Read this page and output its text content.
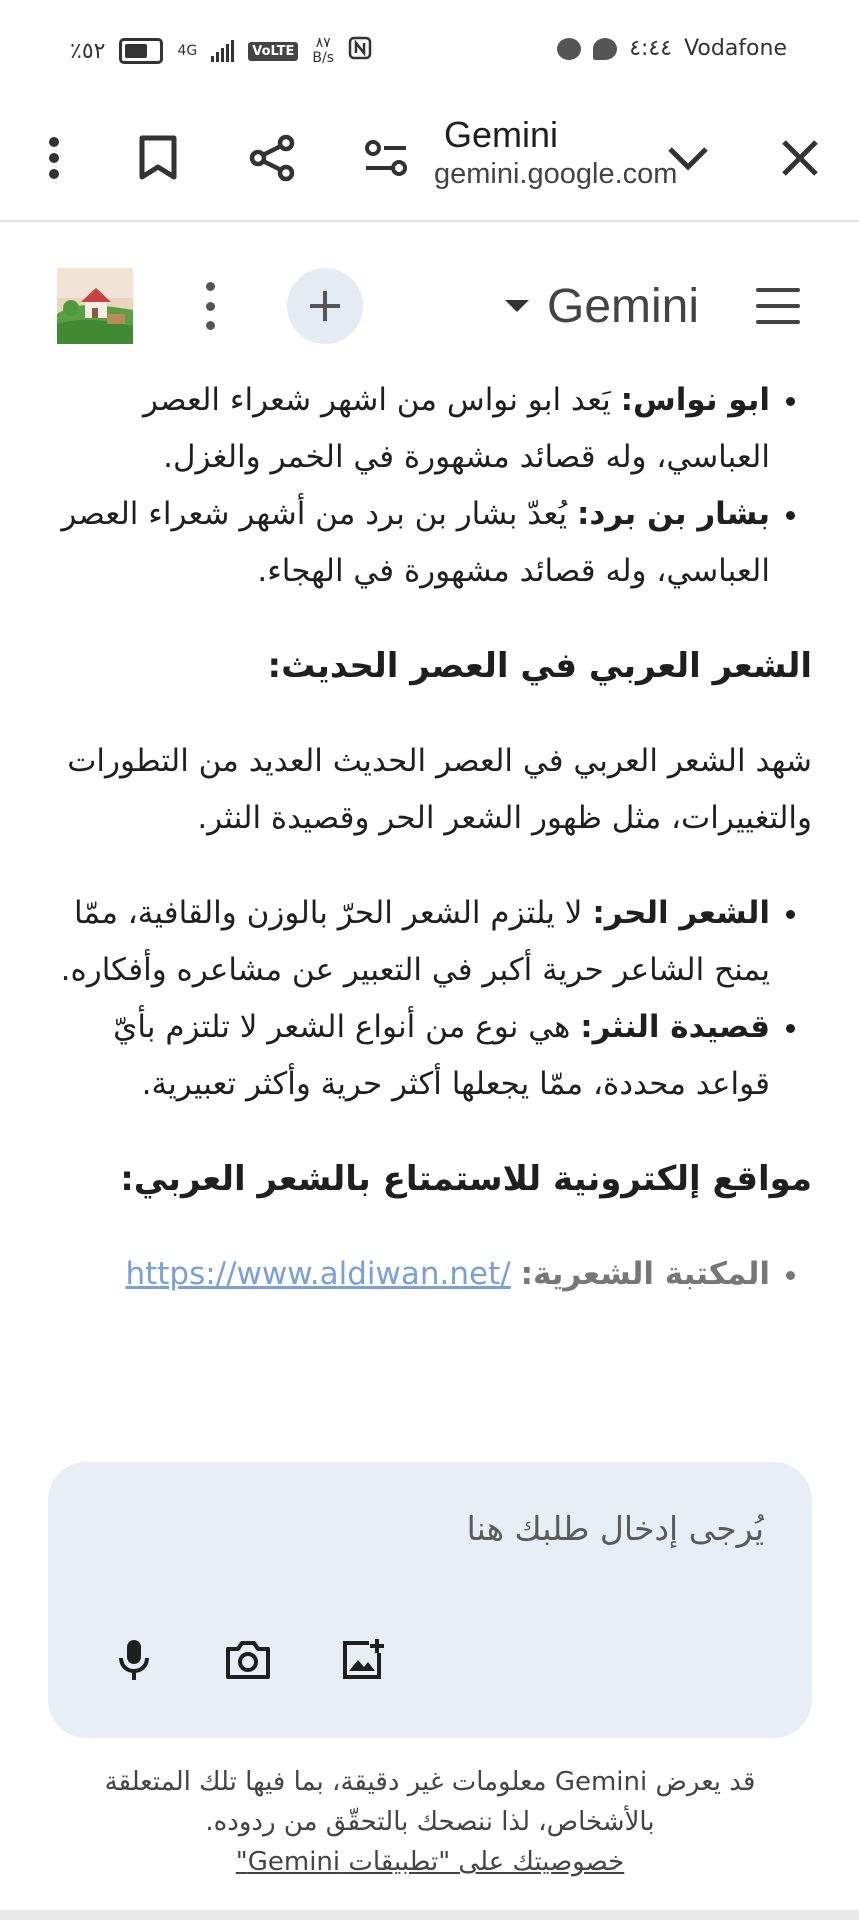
٪٥٢	4G	VoLTE ٨٧
B/s	٤:٤٤ Vodafone
Gemini
gemini.google.com
Gemini
• ابو نواس: يَعد ابو نواس من اشهر شعراء العصر العباسي، وله قصائد مشهورة في الخمر والغزل.
• بشار بن برد: يُعدّ بشار بن برد من أشهر شعراء العصر العباسي، وله قصائد مشهورة في الهجاء.

الشعر العربي في العصر الحديث:

شهد الشعر العربي في العصر الحديث العديد من التطورات والتغييرات، مثل ظهور الشعر الحر وقصيدة النثر.

• الشعر الحر: لا يلتزم الشعر الحرّ بالوزن والقافية، ممّا يمنح الشاعر حرية أكبر في التعبير عن مشاعره وأفكاره.
• قصيدة النثر: هي نوع من أنواع الشعر لا تلتزم بأيّ قواعد محددة، ممّا يجعلها أكثر حرية وأكثر تعبيرية.

مواقع إلكترونية للاستمتاع بالشعر العربي:

• المكتبة الشعرية: https://www.aldiwan.net/
يُرجى إدخال طلبك هنا
قد يعرض Gemini معلومات غير دقيقة، بما فيها تلك المتعلقة بالأشخاص، لذا ننصحك بالتحقّق من ردوده.
خصوصيتك على "تطبيقات Gemini"
